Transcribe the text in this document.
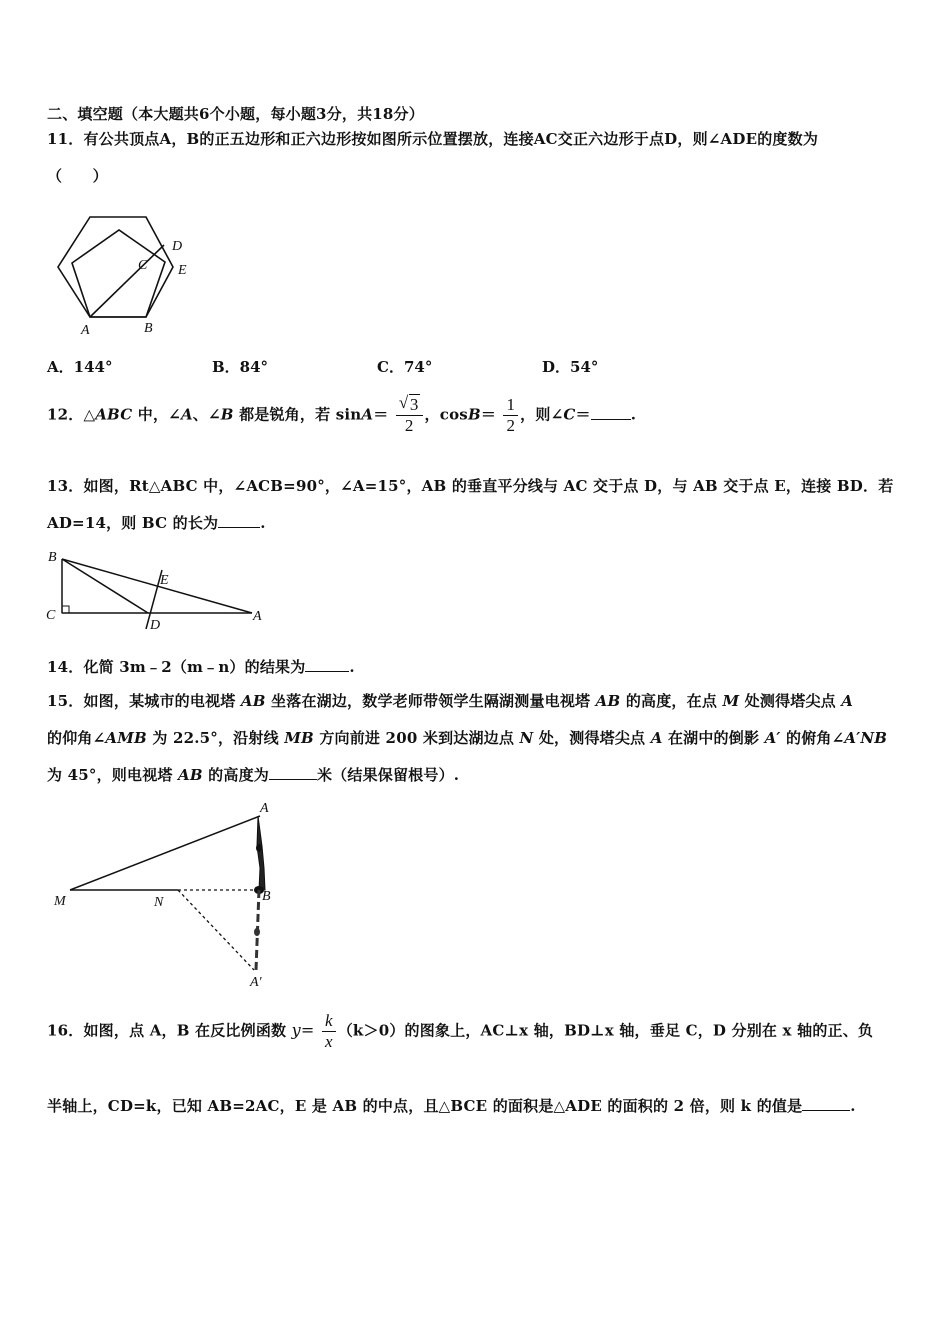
二、填空题（本大题共6个小题，每小题3分，共18分）
11．有公共顶点A，B的正五边形和正六边形按如图所示位置摆放，连接AC交正六边形于点D，则∠ADE的度数为
（　　）
A	B
C
D
E
A．144°	B．84°	C．74°	D．54°
12．△ABC 中，∠A、∠B 都是锐角，若 $\sin A= \frac{√ 3}{2}$ ，$\cos B= \frac{1}{2}$ ，则∠C＝	.
13．如图，Rt△ABC 中，∠ACB=90°，∠A=15°，AB 的垂直平分线与 AC 交于点 D，与 AB 交于点 E，连接 BD．若
AD=14，则 BC 的长为	.
B
C
E
D
A
14．化简 3m﹣2（m﹣n）的结果为	.
15．如图，某城市的电视塔 AB 坐落在湖边，数学老师带领学生隔湖测量电视塔 AB 的高度，在点 M 处测得塔尖点 A
的仰角∠AMB 为 22.5°，沿射线 MB 方向前进 200 米到达湖边点 N 处，测得塔尖点 A 在湖中的倒影 A′ 的俯角∠A′NB
为 45°，则电视塔 AB 的高度为	米（结果保留根号）.
A
M	N	B
A′
16．如图，点 A，B 在反比例函数 $y= \frac{k}{x} (k>0)$的图象上，AC⊥x 轴，BD⊥x 轴，垂足 C，D 分别在 x 轴的正、负
半轴上，CD=k，已知 AB=2AC，E 是 AB 的中点，且△BCE 的面积是△ADE 的面积的 2 倍，则 k 的值是	.
